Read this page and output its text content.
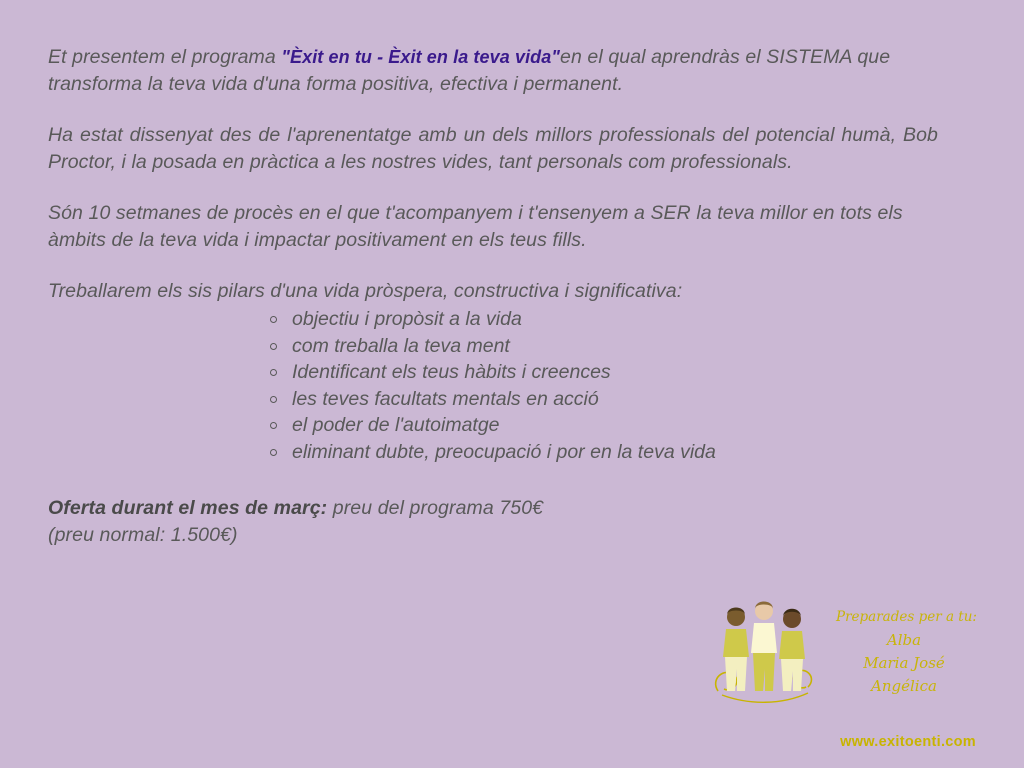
Et presentem el programa "Èxit en tu - Èxit en la teva vida"en el qual aprendràs el SISTEMA que transforma la teva vida d'una forma positiva, efectiva i permanent.

Ha estat dissenyat des de l'aprenentatge amb un dels millors professionals del potencial humà, Bob Proctor, i la posada en pràctica a les nostres vides, tant personals com professionals.

Són 10 setmanes de procès en el que t'acompanyem i t'ensenyem a SER la teva millor en tots els àmbits de la teva vida i impactar positivament en els teus fills.

Treballarem els sis pilars d'una vida pròspera, constructiva i significativa:

objectiu i propòsit a la vida
com treballa la teva ment
Identificant els teus hàbits i creences
les teves facultats mentals en acció
el poder de l'autoimatge
eliminant dubte, preocupació i por en la teva vida

Oferta durant el mes de març: preu del programa 750€
(preu normal: 1.500€)

Preparades per a tu:
Alba
Maria José
Angélica
www.exitoenti.com
